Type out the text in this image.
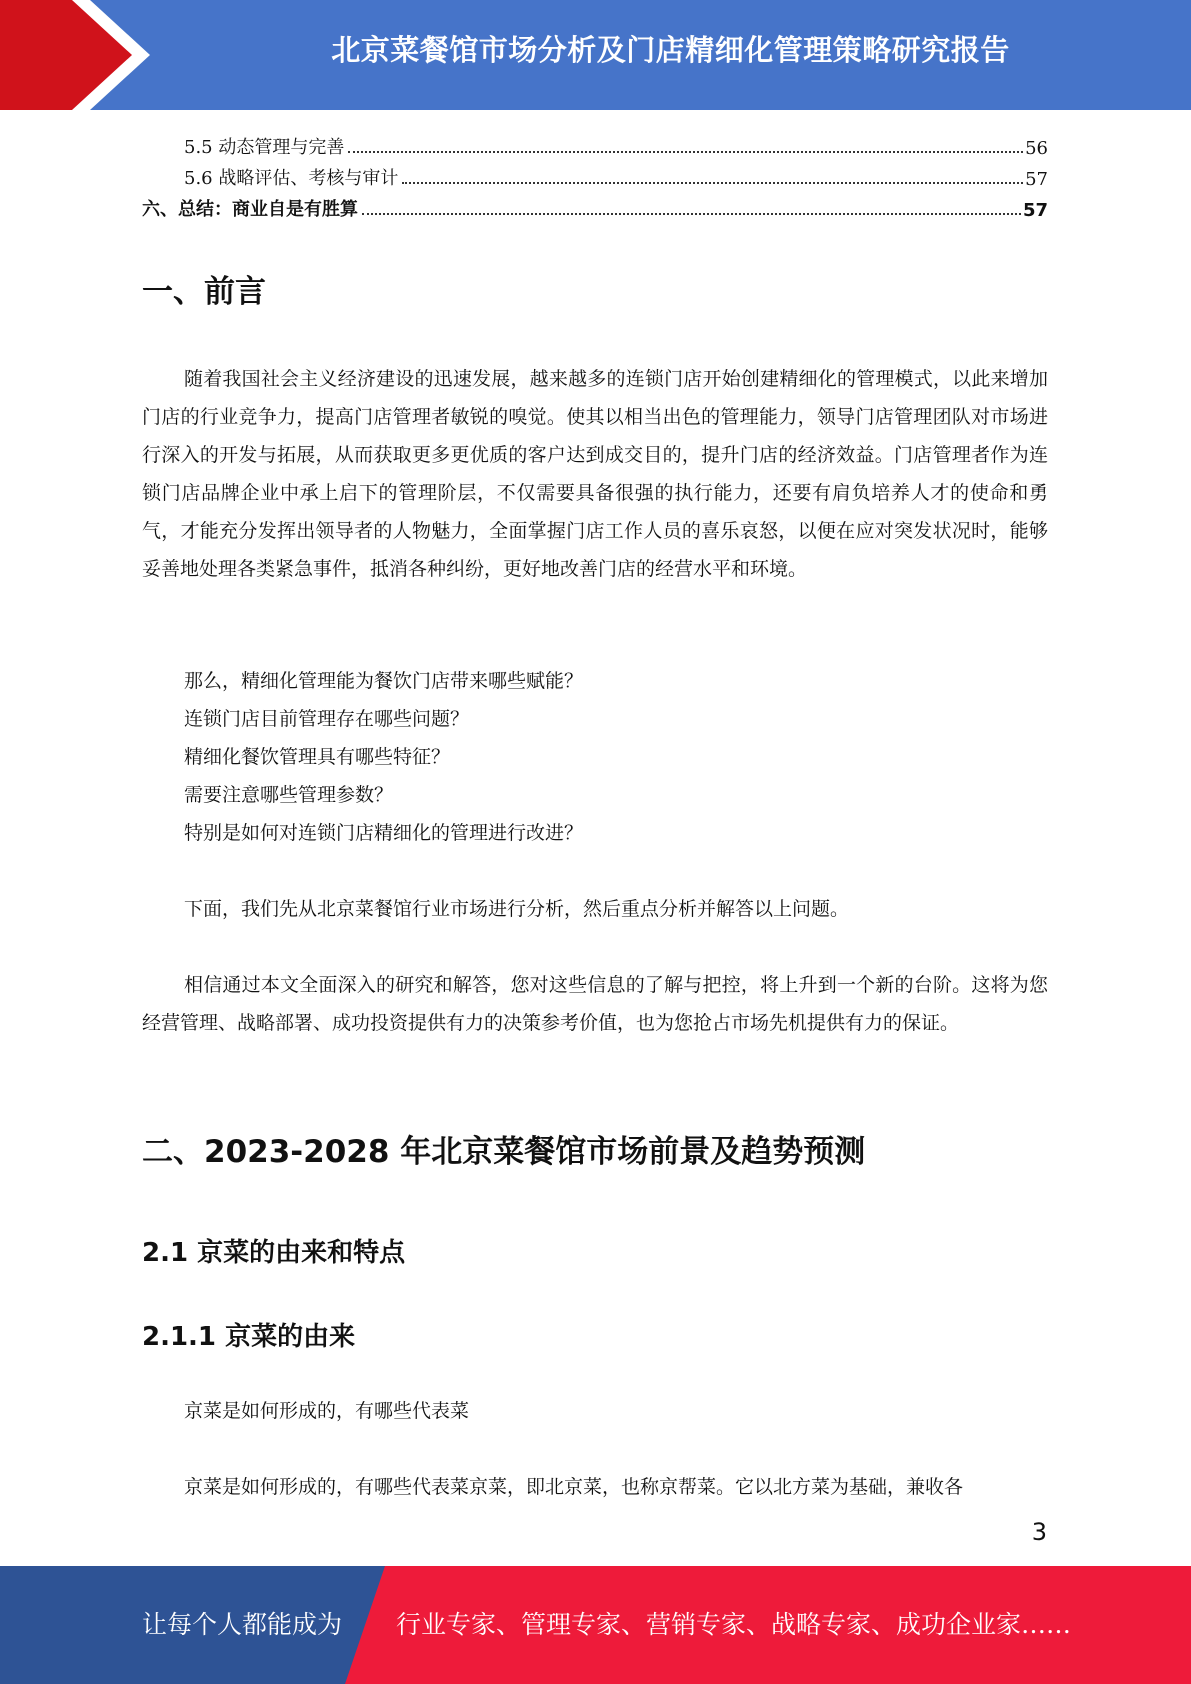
北京菜餐馆市场分析及门店精细化管理策略研究报告
5.5 动态管理与完善	56
5.6 战略评估、考核与审计	57
六、总结：商业自是有胜算	57
一、前言

随着我国社会主义经济建设的迅速发展，越来越多的连锁门店开始创建精细化的管理模式，以此来增加门店的行业竞争力，提高门店管理者敏锐的嗅觉。使其以相当出色的管理能力，领导门店管理团队对市场进行深入的开发与拓展，从而获取更多更优质的客户达到成交目的，提升门店的经济效益。门店管理者作为连锁门店品牌企业中承上启下的管理阶层，不仅需要具备很强的执行能力，还要有肩负培养人才的使命和勇气，才能充分发挥出领导者的人物魅力，全面掌握门店工作人员的喜乐哀怒，以便在应对突发状况时，能够妥善地处理各类紧急事件，抵消各种纠纷，更好地改善门店的经营水平和环境。

那么，精细化管理能为餐饮门店带来哪些赋能？
连锁门店目前管理存在哪些问题？
精细化餐饮管理具有哪些特征？
需要注意哪些管理参数？
特别是如何对连锁门店精细化的管理进行改进？

下面，我们先从北京菜餐馆行业市场进行分析，然后重点分析并解答以上问题。

相信通过本文全面深入的研究和解答，您对这些信息的了解与把控，将上升到一个新的台阶。这将为您经营管理、战略部署、成功投资提供有力的决策参考价值，也为您抢占市场先机提供有力的保证。

二、2023-2028 年北京菜餐馆市场前景及趋势预测
2.1 京菜的由来和特点
2.1.1 京菜的由来

京菜是如何形成的，有哪些代表菜

京菜是如何形成的，有哪些代表菜京菜，即北京菜，也称京帮菜。它以北方菜为基础，兼收各

3
让每个人都能成为 行业专家、管理专家、营销专家、战略专家、成功企业家……
